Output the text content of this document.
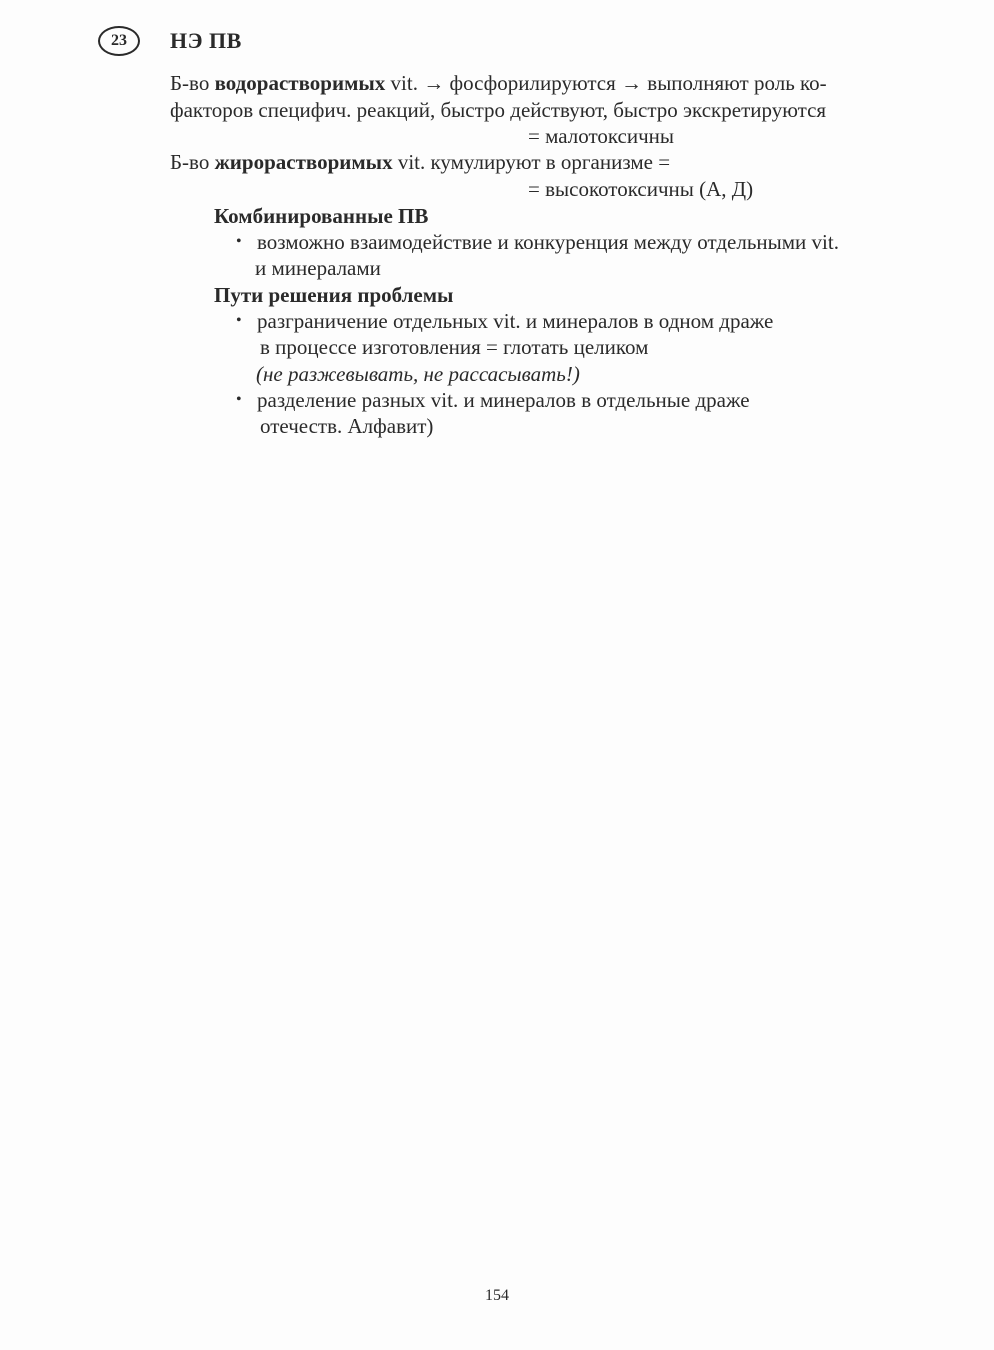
23	НЭ ПВ
Б-во водорастворимых vit. → фосфорилируются → выполняют роль ко-
факторов специфич. реакций, быстро действуют, быстро экскретируются
= малотоксичны
Б-во жирорастворимых vit. кумулируют в организме =
= высокотоксичны (А, Д)
Комбинированные ПВ
• возможно взаимодействие и конкуренция между отдельными vit.
и минералами
Пути решения проблемы
• разграничение отдельных vit. и минералов в одном драже
в процессе изготовления = глотать целиком
(не разжевывать, не рассасывать!)
• разделение разных vit. и минералов в отдельные драже
отечеств. Алфавит)
154
